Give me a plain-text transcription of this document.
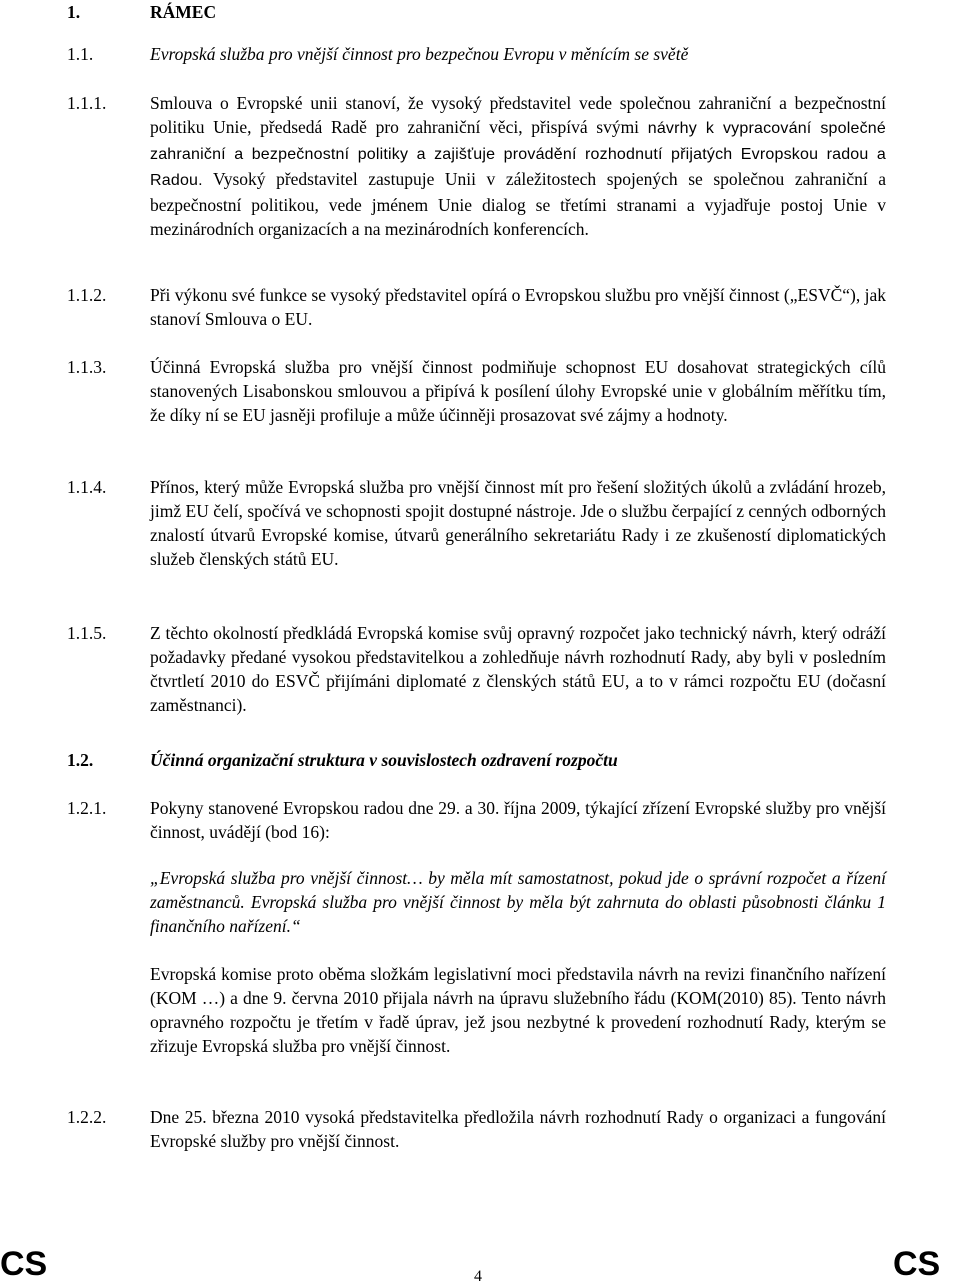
1.	RÁMEC
1.1.	Evropská služba pro vnější činnost pro bezpečnou Evropu v měnícím se světě
1.1.1. Smlouva o Evropské unii stanoví, že vysoký představitel vede společnou zahraniční a bezpečnostní politiku Unie, předsedá Radě pro zahraniční věci, přispívá svými návrhy k vypracování společné zahraniční a bezpečnostní politiky a zajišťuje provádění rozhodnutí přijatých Evropskou radou a Radou. Vysoký představitel zastupuje Unii v záležitostech spojených se společnou zahraniční a bezpečnostní politikou, vede jménem Unie dialog se třetími stranami a vyjadřuje postoj Unie v mezinárodních organizacích a na mezinárodních konferencích.

1.1.2. Při výkonu své funkce se vysoký představitel opírá o Evropskou službu pro vnější činnost („ESVČ“), jak stanoví Smlouva o EU.

1.1.3. Účinná Evropská služba pro vnější činnost podmiňuje schopnost EU dosahovat strategických cílů stanovených Lisabonskou smlouvou a připívá k posílení úlohy Evropské unie v globálním měřítku tím, že díky ní se EU jasněji profiluje a může účinněji prosazovat své zájmy a hodnoty.

1.1.4. Přínos, který může Evropská služba pro vnější činnost mít pro řešení složitých úkolů a zvládání hrozeb, jimž EU čelí, spočívá ve schopnosti spojit dostupné nástroje. Jde o službu čerpající z cenných odborných znalostí útvarů Evropské komise, útvarů generálního sekretariátu Rady i ze zkušeností diplomatických služeb členských států EU.

1.1.5. Z těchto okolností předkládá Evropská komise svůj opravný rozpočet jako technický návrh, který odráží požadavky předané vysokou představitelkou a zohledňuje návrh rozhodnutí Rady, aby byli v posledním čtvrtletí 2010 do ESVČ přijímáni diplomaté z členských států EU, a to v rámci rozpočtu EU (dočasní zaměstnanci).

1.2.	Účinná organizační struktura v souvislostech ozdravení rozpočtu
1.2.1. Pokyny stanovené Evropskou radou dne 29. a 30. října 2009, týkající zřízení Evropské služby pro vnější činnost, uvádějí (bod 16):

„Evropská služba pro vnější činnost… by měla mít samostatnost, pokud jde o správní rozpočet a řízení zaměstnanců. Evropská služba pro vnější činnost by měla být zahrnuta do oblasti působnosti článku 1 finančního nařízení.“

Evropská komise proto oběma složkám legislativní moci představila návrh na revizi finančního nařízení (KOM …) a dne 9. června 2010 přijala návrh na úpravu služebního řádu (KOM(2010) 85). Tento návrh opravného rozpočtu je třetím v řadě úprav, jež jsou nezbytné k provedení rozhodnutí Rady, kterým se zřizuje Evropská služba pro vnější činnost.

1.2.2. Dne 25. března 2010 vysoká představitelka předložila návrh rozhodnutí Rady o organizaci a fungování Evropské služby pro vnější činnost.

CS	4	CS
